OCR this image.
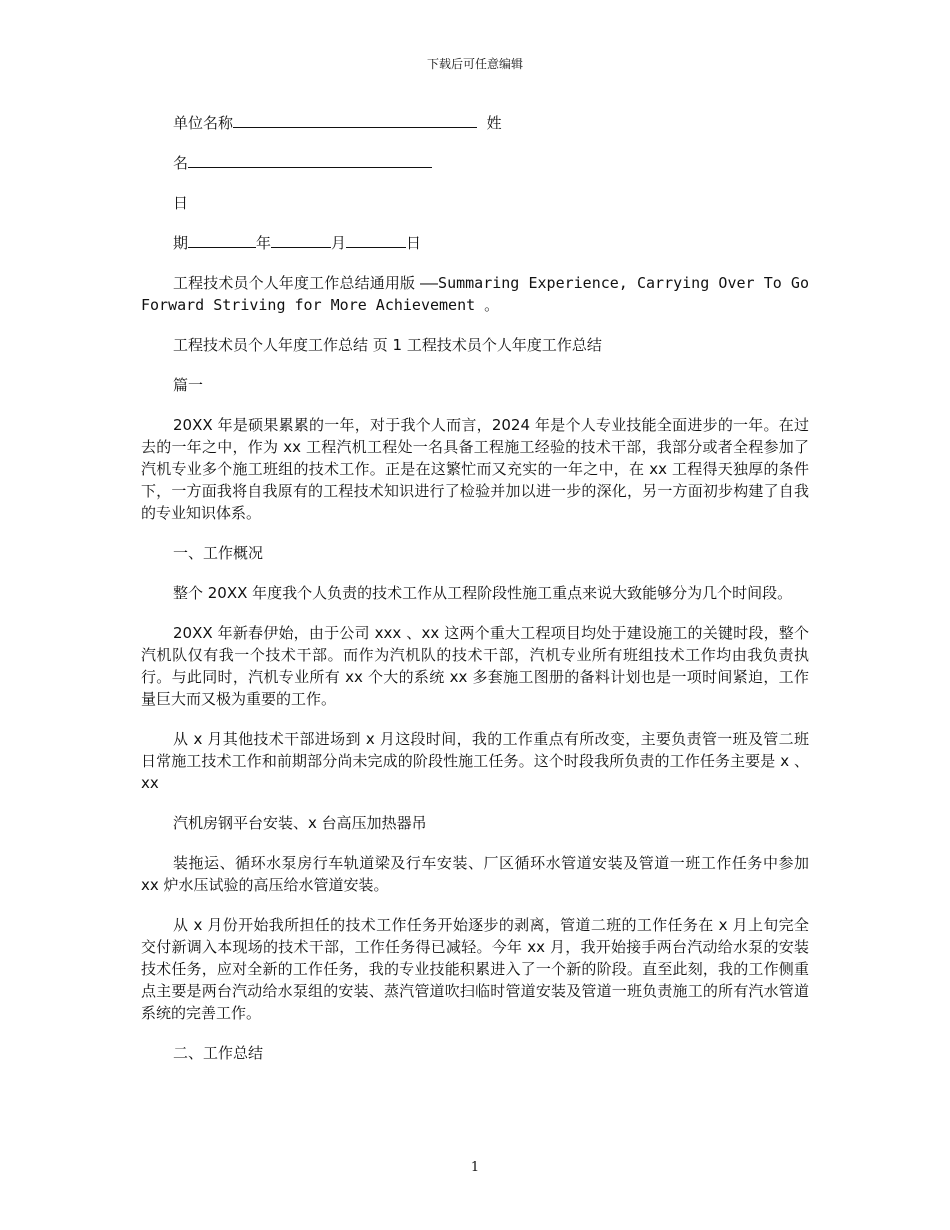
下载后可任意编辑
单位名称	姓
名
日
期	年	月	日

工程技术员个人年度工作总结通用版 ——Summaring Experience, Carrying Over To Go Forward Striving for More Achievement 。

工程技术员个人年度工作总结 页 1 工程技术员个人年度工作总结

篇一

20XX 年是硕果累累的一年，对于我个人而言，2024 年是个人专业技能全面进步的一年。在过去的一年之中，作为 xx 工程汽机工程处一名具备工程施工经验的技术干部，我部分或者全程参加了汽机专业多个施工班组的技术工作。正是在这繁忙而又充实的一年之中，在 xx 工程得天独厚的条件下，一方面我将自我原有的工程技术知识进行了检验并加以进一步的深化，另一方面初步构建了自我的专业知识体系。

一、工作概况

整个 20XX 年度我个人负责的技术工作从工程阶段性施工重点来说大致能够分为几个时间段。

20XX 年新春伊始，由于公司 xxx 、xx 这两个重大工程项目均处于建设施工的关键时段，整个汽机队仅有我一个技术干部。而作为汽机队的技术干部，汽机专业所有班组技术工作均由我负责执行。与此同时，汽机专业所有 xx 个大的系统 xx 多套施工图册的备料计划也是一项时间紧迫，工作量巨大而又极为重要的工作。

从 x 月其他技术干部进场到 x 月这段时间，我的工作重点有所改变，主要负责管一班及管二班日常施工技术工作和前期部分尚未完成的阶段性施工任务。这个时段我所负责的工作任务主要是 x 、xx

汽机房钢平台安装、x 台高压加热器吊

装拖运、循环水泵房行车轨道梁及行车安装、厂区循环水管道安装及管道一班工作任务中参加 xx 炉水压试验的高压给水管道安装。

从 x 月份开始我所担任的技术工作任务开始逐步的剥离，管道二班的工作任务在 x 月上旬完全交付新调入本现场的技术干部，工作任务得已减轻。今年 xx 月，我开始接手两台汽动给水泵的安装技术任务，应对全新的工作任务，我的专业技能积累进入了一个新的阶段。直至此刻，我的工作侧重点主要是两台汽动给水泵组的安装、蒸汽管道吹扫临时管道安装及管道一班负责施工的所有汽水管道系统的完善工作。

二、工作总结

1
